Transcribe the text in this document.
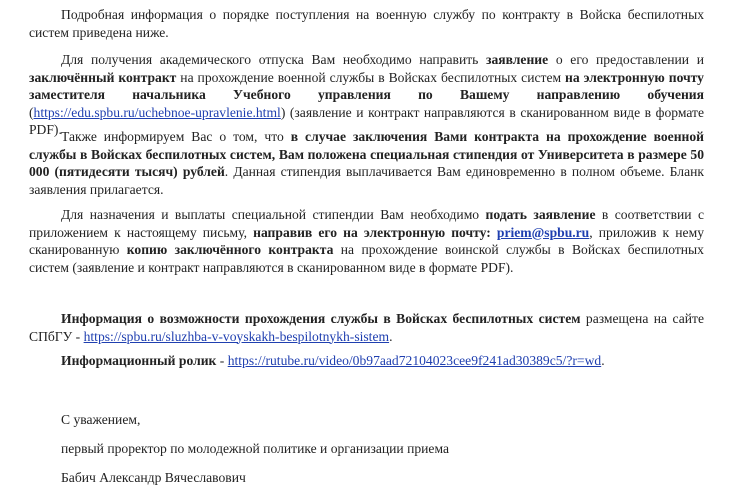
Подробная информация о порядке поступления на военную службу по контракту в Войска беспилотных систем приведена ниже.

Для получения академического отпуска Вам необходимо направить заявление о его предоставлении и заключённый контракт на прохождение военной службы в Войсках беспилотных систем на электронную почту заместителя начальника Учебного управления по Вашему направлению обучения (https://edu.spbu.ru/uchebnoe-upravlenie.html) (заявление и контракт направляются в сканированном виде в формате PDF). Также информируем Вас о том, что в случае заключения Вами контракта на прохождение военной службы в Войсках беспилотных систем, Вам положена специальная стипендия от Университета в размере 50 000 (пятидесяти тысяч) рублей. Данная стипендия выплачивается Вам единовременно в полном объеме. Бланк заявления прилагается.

Для назначения и выплаты специальной стипендии Вам необходимо подать заявление в соответствии с приложением к настоящему письму, направив его на электронную почту: priem@spbu.ru, приложив к нему сканированную копию заключённого контракта на прохождение воинской службы в Войсках беспилотных систем (заявление и контракт направляются в сканированном виде в формате PDF).

Информация о возможности прохождения службы в Войсках беспилотных систем размещена на сайте СПбГУ - https://spbu.ru/sluzhba-v-voyskakh-bespilotnykh-sistem.

Информационный ролик - https://rutube.ru/video/0b97aad72104023cee9f241ad30389c5/?r=wd.

С уважением,
первый проректор по молодежной политике и организации приема
Бабич Александр Вячеславович
